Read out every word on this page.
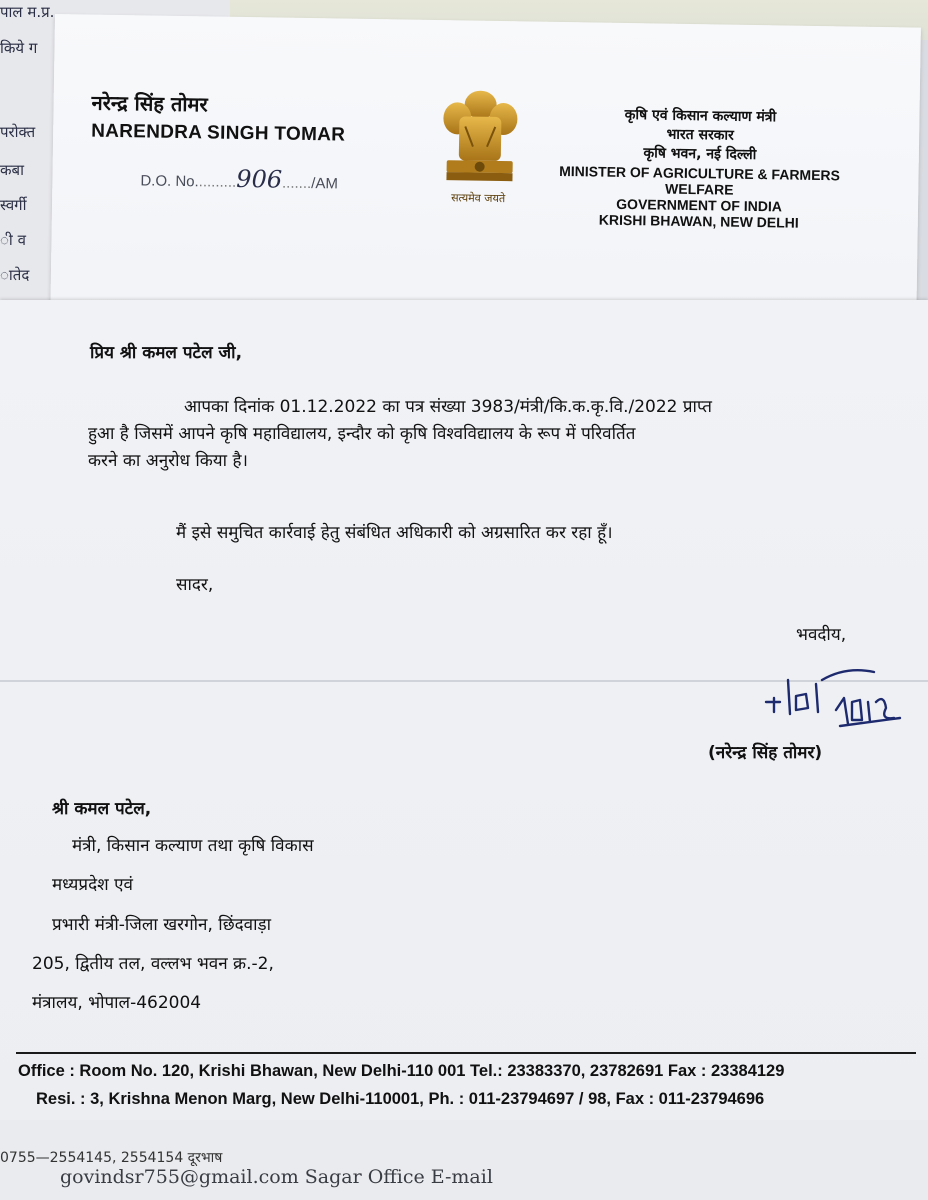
पाल म.प्र.
किये ग
परोक्त
कबा
स्वर्गी
ी व
ातेद
नरेन्द्र सिंह तोमर
NARENDRA SINGH TOMAR
D.O. No..........906......./AM
सत्यमेव जयते
कृषि एवं किसान कल्याण मंत्री
भारत सरकार
कृषि भवन, नई दिल्ली
MINISTER OF AGRICULTURE & FARMERS WELFARE
GOVERNMENT OF INDIA
KRISHI BHAWAN, NEW DELHI
प्रिय श्री कमल पटेल जी,
आपका दिनांक 01.12.2022 का पत्र संख्या 3983/मंत्री/कि.क.कृ.वि./2022 प्राप्त
हुआ है जिसमें आपने कृषि महाविद्यालय, इन्दौर को कृषि विश्वविद्यालय के रूप में परिवर्तित
करने का अनुरोध किया है।
मैं इसे समुचित कार्रवाई हेतु संबंधित अधिकारी को अग्रसारित कर रहा हूँ।
सादर,
भवदीय,
(नरेन्द्र सिंह तोमर)
श्री कमल पटेल,
मंत्री, किसान कल्याण तथा कृषि विकास
मध्यप्रदेश एवं
प्रभारी मंत्री-जिला खरगोन, छिंदवाड़ा
205, द्वितीय तल, वल्लभ भवन क्र.-2,
मंत्रालय, भोपाल-462004
Office : Room No. 120, Krishi Bhawan, New Delhi-110 001 Tel.: 23383370, 23782691 Fax : 23384129
Resi. : 3, Krishna Menon Marg, New Delhi-110001, Ph. : 011-23794697 / 98, Fax : 011-23794696
0755—2554145, 2554154 दूरभाष
govindsr755@gmail.com Sagar Office E-mail
